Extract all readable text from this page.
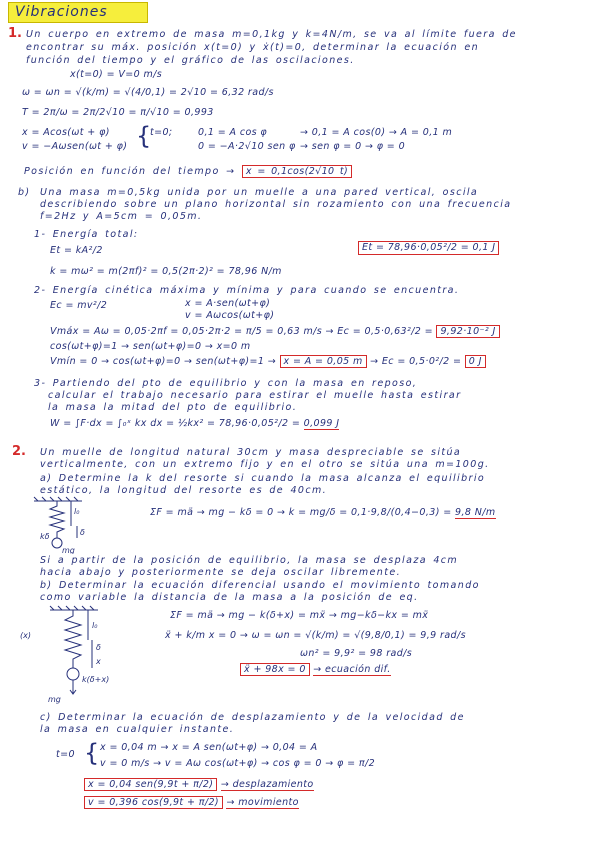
Vibraciones
1. Un cuerpo en extremo de masa m=0,1kg y k=4N/m, se va al límite fuera de
encontrar su máx. posición x(t=0) y ẋ(t)=0, determinar la ecuación en
función del tiempo y el gráfico de las oscilaciones.
x(t=0) = V=0 m/s
ω = ωn = √(k/m) = √(4/0,1) = 2√10 = 6,32 rad/s
T = 2π/ω = 2π/2√10 = π/√10 = 0,993
x = Acos(ωt + φ)
v = −Aωsen(ωt + φ) {
t=0;	0,1 = A cos φ
0 = −A·2√10 sen φ
→ 0,1 = A cos(0) → A = 0,1 m
→ sen φ = 0 → φ = 0
Posición en función del tiempo → x = 0,1cos(2√10 t)
b) Una masa m=0,5kg unida por un muelle a una pared vertical, oscila
describiendo sobre un plano horizontal sin rozamiento con una frecuencia
f=2Hz y A=5cm = 0,05m.
1- Energía total:
Et = kA²/2	Et = 78,96·0,05²/2 = 0,1 J
k = mω² = m(2πf)² = 0,5(2π·2)² = 78,96 N/m
2- Energía cinética máxima y mínima y para cuando se encuentra.
Ec = mv²/2	x = A·sen(ωt+φ)
v = Aωcos(ωt+φ)
Vmáx = Aω = 0,05·2πf = 0,05·2π·2 = π/5 = 0,63 m/s → Ec = 0,5·0,63²/2 = 9,92·10⁻² J
cos(ωt+φ)=1 → sen(ωt+φ)=0 → x=0 m
Vmín = 0 → cos(ωt+φ)=0 → sen(ωt+φ)=1 → x = A = 0,05 m → Ec = 0,5·0²/2 = 0 J
3- Partiendo del pto de equilibrio y con la masa en reposo,
calcular el trabajo necesario para estirar el muelle hasta estirar
la masa la mitad del pto de equilibrio.
W = ∫F·dx = ∫₀ˣ kx dx = ½kx² = 78,96·0,05²/2 = 0,099 J
2. Un muelle de longitud natural 30cm y masa despreciable se sitúa
verticalmente, con un extremo fijo y en el otro se sitúa una m=100g.
a) Determine la k del resorte si cuando la masa alcanza el equilibrio
estático, la longitud del resorte es de 40cm.
l₀
δ
kδ
mg
ΣF = mä → mg − kδ = 0 → k = mg/δ = 0,1·9,8/(0,4−0,3) = 9,8 N/m
Si a partir de la posición de equilibrio, la masa se desplaza 4cm
hacia abajo y posteriormente se deja oscilar libremente.
b) Determinar la ecuación diferencial usando el movimiento tomando
como variable la distancia de la masa a la posición de eq.
(x)
l₀
δ
x
k(δ+x)
mg
ΣF = mä → mg − k(δ+x) = mẍ → mg−kδ−kx = mẍ
ẍ + k/m x = 0 → ω = ωn = √(k/m) = √(9,8/0,1) = 9,9 rad/s
ωn² = 9,9² = 98 rad/s
ẍ + 98x = 0 → ecuación dif.
c) Determinar la ecuación de desplazamiento y de la velocidad de
la masa en cualquier instante.
t=0 { x = 0,04 m → x = A sen(ωt+φ) → 0,04 = A
v = 0 m/s → v = Aω cos(ωt+φ) → cos φ = 0 → φ = π/2
x = 0,04 sen(9,9t + π/2) → desplazamiento
v = 0,396 cos(9,9t + π/2) → movimiento
